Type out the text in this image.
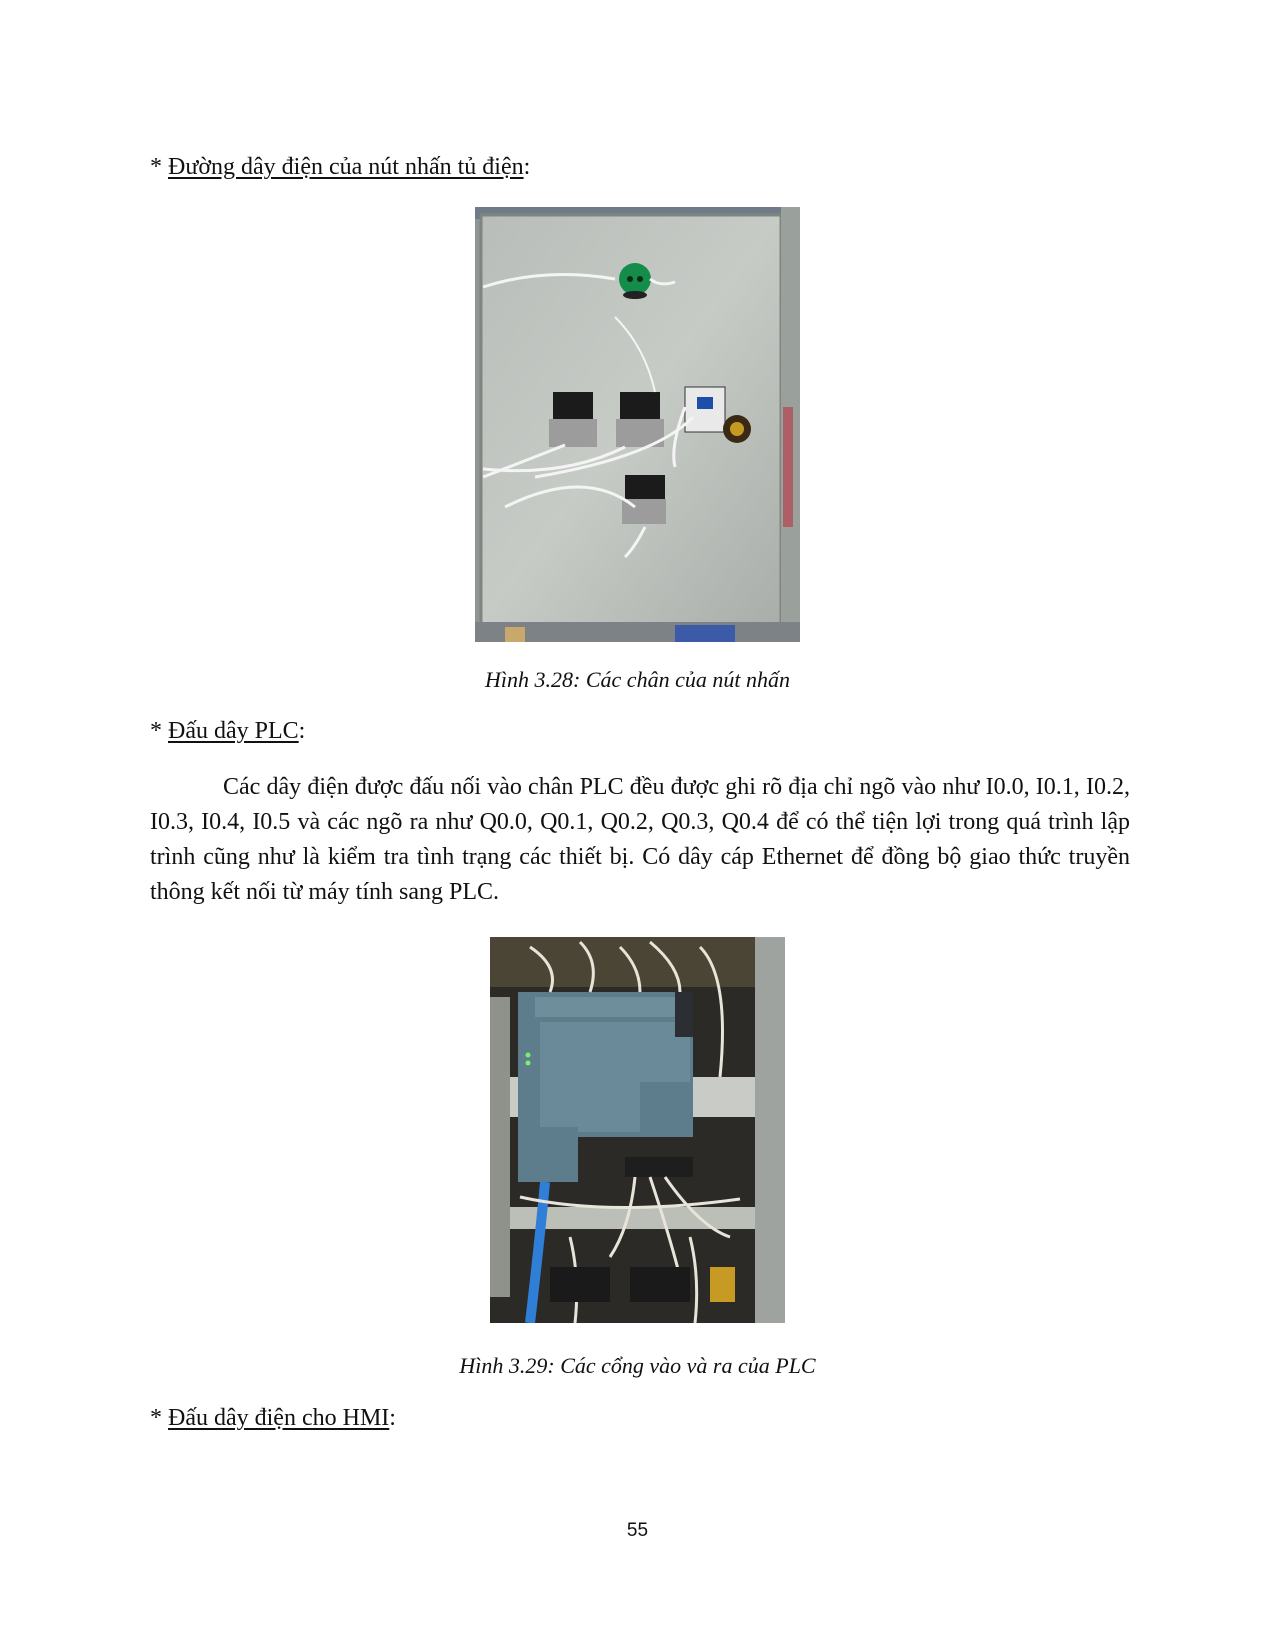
* Đường dây điện của nút nhấn tủ điện:
Hình 3.28: Các chân của nút nhấn
* Đấu dây PLC:

Các dây điện được đấu nối vào chân PLC đều được ghi rõ địa chỉ ngõ vào như I0.0, I0.1, I0.2, I0.3, I0.4, I0.5 và các ngõ ra như Q0.0, Q0.1, Q0.2, Q0.3, Q0.4 để có thể tiện lợi trong quá trình lập trình cũng như là kiểm tra tình trạng các thiết bị. Có dây cáp Ethernet để đồng bộ giao thức truyền thông kết nối từ máy tính sang PLC.

Hình 3.29: Các cổng vào và ra của PLC
* Đấu dây điện cho HMI:
55
